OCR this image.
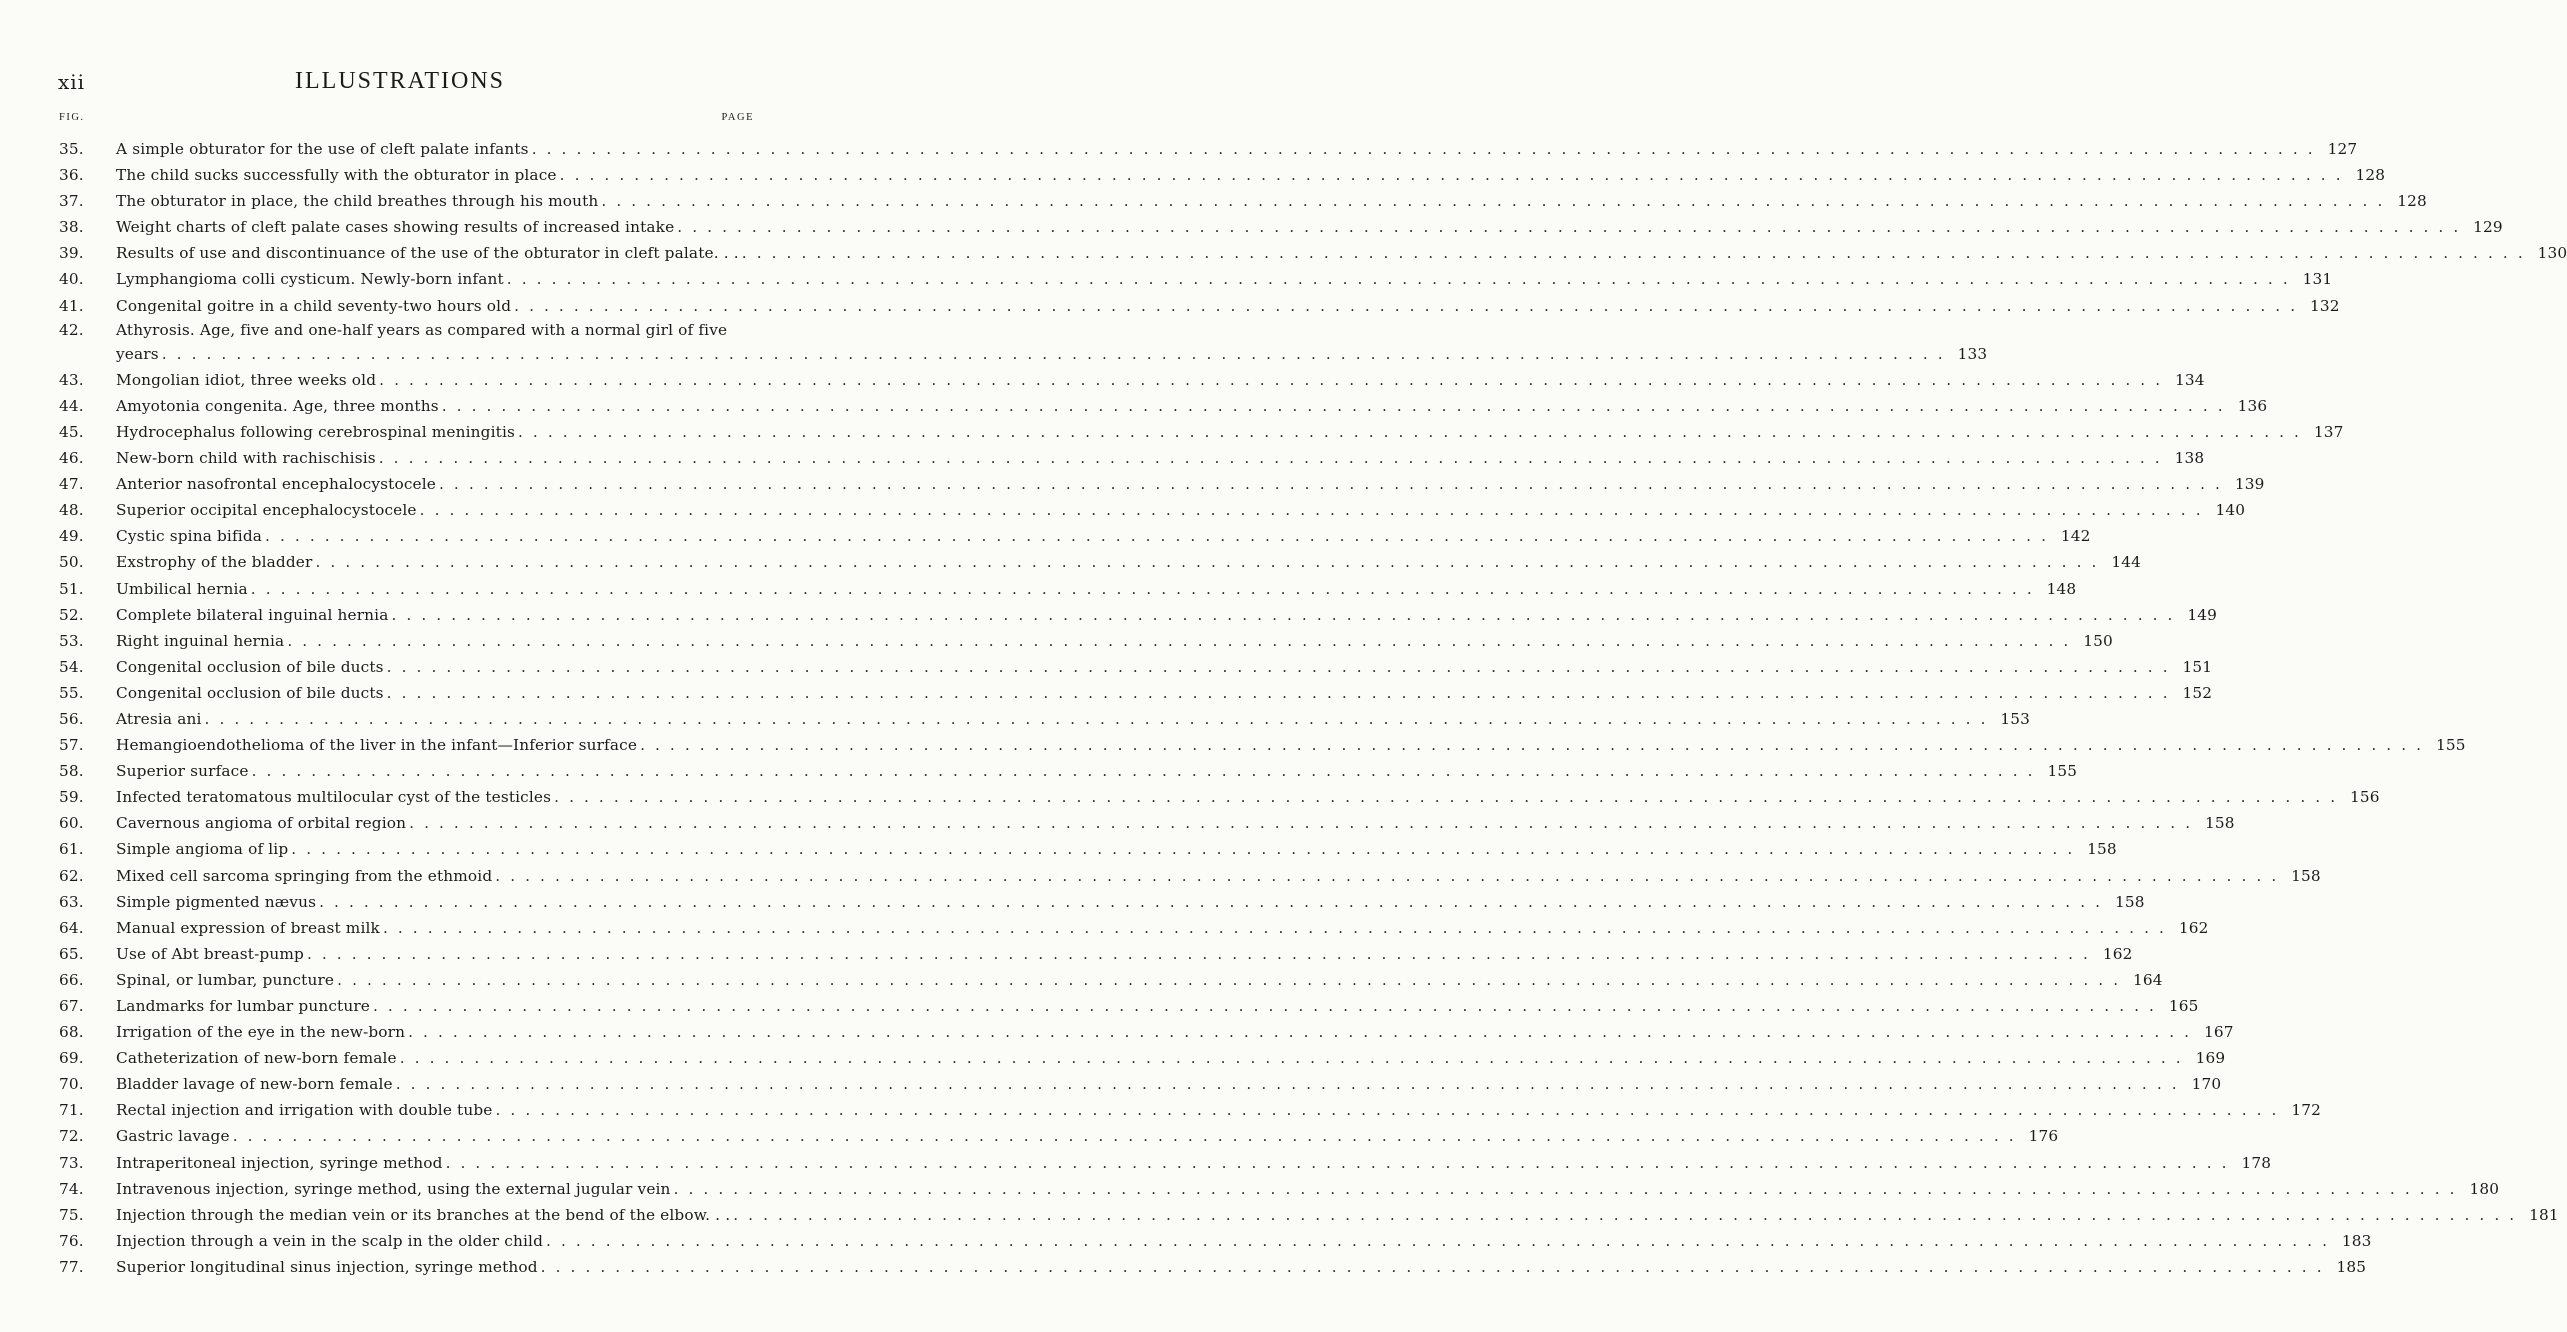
xii	ILLUSTRATIONS
FIG.	PAGE
35.	A simple obturator for the use of cleft palate infants . . . . . . . . . . . . . . . . . . . . . . . . . . . . . . . . . . . . . . . . . . . . . . . . . . . . . . . . . . . . . . . . . . . . . . . . . . . . . . . . . . . . . . . . . . . . . . . . . . . . . . . . . . . . . . . . . . . . . . . . 127
36.	The child sucks successfully with the obturator in place . . . . . . . . . . . . . . . . . . . . . . . . . . . . . . . . . . . . . . . . . . . . . . . . . . . . . . . . . . . . . . . . . . . . . . . . . . . . . . . . . . . . . . . . . . . . . . . . . . . . . . . . . . . . . . . . . . . . . . . . 128
37.	The obturator in place, the child breathes through his mouth . . . . . . . . . . . . . . . . . . . . . . . . . . . . . . . . . . . . . . . . . . . . . . . . . . . . . . . . . . . . . . . . . . . . . . . . . . . . . . . . . . . . . . . . . . . . . . . . . . . . . . . . . . . . . . . . . . . . . . . . 128
38.	Weight charts of cleft palate cases showing results of increased intake . . . . . . . . . . . . . . . . . . . . . . . . . . . . . . . . . . . . . . . . . . . . . . . . . . . . . . . . . . . . . . . . . . . . . . . . . . . . . . . . . . . . . . . . . . . . . . . . . . . . . . . . . . . . . . . . . . . . . . . . 129
39.	Results of use and discontinuance of the use of the obturator in cleft palate. . . . . . . . . . . . . . . . . . . . . . . . . . . . . . . . . . . . . . . . . . . . . . . . . . . . . . . . . . . . . . . . . . . . . . . . . . . . . . . . . . . . . . . . . . . . . . . . . . . . . . . . . . . . . . . . . . . . . . . . . . . 130
40.	Lymphangioma colli cysticum. Newly-born infant . . . . . . . . . . . . . . . . . . . . . . . . . . . . . . . . . . . . . . . . . . . . . . . . . . . . . . . . . . . . . . . . . . . . . . . . . . . . . . . . . . . . . . . . . . . . . . . . . . . . . . . . . . . . . . . . . . . . . . . . 131
41.	Congenital goitre in a child seventy-two hours old . . . . . . . . . . . . . . . . . . . . . . . . . . . . . . . . . . . . . . . . . . . . . . . . . . . . . . . . . . . . . . . . . . . . . . . . . . . . . . . . . . . . . . . . . . . . . . . . . . . . . . . . . . . . . . . . . . . . . . . . 132
42.	Athyrosis. Age, five and one-half years as compared with a normal girl of five
years . . . . . . . . . . . . . . . . . . . . . . . . . . . . . . . . . . . . . . . . . . . . . . . . . . . . . . . . . . . . . . . . . . . . . . . . . . . . . . . . . . . . . . . . . . . . . . . . . . . . . . . . . . . . . . . . . . . . . . . . 133
43.	Mongolian idiot, three weeks old . . . . . . . . . . . . . . . . . . . . . . . . . . . . . . . . . . . . . . . . . . . . . . . . . . . . . . . . . . . . . . . . . . . . . . . . . . . . . . . . . . . . . . . . . . . . . . . . . . . . . . . . . . . . . . . . . . . . . . . . 134
44.	Amyotonia congenita. Age, three months . . . . . . . . . . . . . . . . . . . . . . . . . . . . . . . . . . . . . . . . . . . . . . . . . . . . . . . . . . . . . . . . . . . . . . . . . . . . . . . . . . . . . . . . . . . . . . . . . . . . . . . . . . . . . . . . . . . . . . . . 136
45.	Hydrocephalus following cerebrospinal meningitis . . . . . . . . . . . . . . . . . . . . . . . . . . . . . . . . . . . . . . . . . . . . . . . . . . . . . . . . . . . . . . . . . . . . . . . . . . . . . . . . . . . . . . . . . . . . . . . . . . . . . . . . . . . . . . . . . . . . . . . . 137
46.	New-born child with rachischisis . . . . . . . . . . . . . . . . . . . . . . . . . . . . . . . . . . . . . . . . . . . . . . . . . . . . . . . . . . . . . . . . . . . . . . . . . . . . . . . . . . . . . . . . . . . . . . . . . . . . . . . . . . . . . . . . . . . . . . . . 138
47.	Anterior nasofrontal encephalocystocele . . . . . . . . . . . . . . . . . . . . . . . . . . . . . . . . . . . . . . . . . . . . . . . . . . . . . . . . . . . . . . . . . . . . . . . . . . . . . . . . . . . . . . . . . . . . . . . . . . . . . . . . . . . . . . . . . . . . . . . . 139
48.	Superior occipital encephalocystocele . . . . . . . . . . . . . . . . . . . . . . . . . . . . . . . . . . . . . . . . . . . . . . . . . . . . . . . . . . . . . . . . . . . . . . . . . . . . . . . . . . . . . . . . . . . . . . . . . . . . . . . . . . . . . . . . . . . . . . . . 140
49.	Cystic spina bifida . . . . . . . . . . . . . . . . . . . . . . . . . . . . . . . . . . . . . . . . . . . . . . . . . . . . . . . . . . . . . . . . . . . . . . . . . . . . . . . . . . . . . . . . . . . . . . . . . . . . . . . . . . . . . . . . . . . . . . . . 142
50.	Exstrophy of the bladder . . . . . . . . . . . . . . . . . . . . . . . . . . . . . . . . . . . . . . . . . . . . . . . . . . . . . . . . . . . . . . . . . . . . . . . . . . . . . . . . . . . . . . . . . . . . . . . . . . . . . . . . . . . . . . . . . . . . . . . . 144
51.	Umbilical hernia . . . . . . . . . . . . . . . . . . . . . . . . . . . . . . . . . . . . . . . . . . . . . . . . . . . . . . . . . . . . . . . . . . . . . . . . . . . . . . . . . . . . . . . . . . . . . . . . . . . . . . . . . . . . . . . . . . . . . . . . 148
52.	Complete bilateral inguinal hernia . . . . . . . . . . . . . . . . . . . . . . . . . . . . . . . . . . . . . . . . . . . . . . . . . . . . . . . . . . . . . . . . . . . . . . . . . . . . . . . . . . . . . . . . . . . . . . . . . . . . . . . . . . . . . . . . . . . . . . . . 149
53.	Right inguinal hernia . . . . . . . . . . . . . . . . . . . . . . . . . . . . . . . . . . . . . . . . . . . . . . . . . . . . . . . . . . . . . . . . . . . . . . . . . . . . . . . . . . . . . . . . . . . . . . . . . . . . . . . . . . . . . . . . . . . . . . . . 150
54.	Congenital occlusion of bile ducts . . . . . . . . . . . . . . . . . . . . . . . . . . . . . . . . . . . . . . . . . . . . . . . . . . . . . . . . . . . . . . . . . . . . . . . . . . . . . . . . . . . . . . . . . . . . . . . . . . . . . . . . . . . . . . . . . . . . . . . . 151
55.	Congenital occlusion of bile ducts . . . . . . . . . . . . . . . . . . . . . . . . . . . . . . . . . . . . . . . . . . . . . . . . . . . . . . . . . . . . . . . . . . . . . . . . . . . . . . . . . . . . . . . . . . . . . . . . . . . . . . . . . . . . . . . . . . . . . . . . 152
56.	Atresia ani . . . . . . . . . . . . . . . . . . . . . . . . . . . . . . . . . . . . . . . . . . . . . . . . . . . . . . . . . . . . . . . . . . . . . . . . . . . . . . . . . . . . . . . . . . . . . . . . . . . . . . . . . . . . . . . . . . . . . . . . 153
57.	Hemangioendothelioma of the liver in the infant—Inferior surface . . . . . . . . . . . . . . . . . . . . . . . . . . . . . . . . . . . . . . . . . . . . . . . . . . . . . . . . . . . . . . . . . . . . . . . . . . . . . . . . . . . . . . . . . . . . . . . . . . . . . . . . . . . . . . . . . . . . . . . . 155
58.	Superior surface . . . . . . . . . . . . . . . . . . . . . . . . . . . . . . . . . . . . . . . . . . . . . . . . . . . . . . . . . . . . . . . . . . . . . . . . . . . . . . . . . . . . . . . . . . . . . . . . . . . . . . . . . . . . . . . . . . . . . . . . 155
59.	Infected teratomatous multilocular cyst of the testicles . . . . . . . . . . . . . . . . . . . . . . . . . . . . . . . . . . . . . . . . . . . . . . . . . . . . . . . . . . . . . . . . . . . . . . . . . . . . . . . . . . . . . . . . . . . . . . . . . . . . . . . . . . . . . . . . . . . . . . . . 156
60.	Cavernous angioma of orbital region . . . . . . . . . . . . . . . . . . . . . . . . . . . . . . . . . . . . . . . . . . . . . . . . . . . . . . . . . . . . . . . . . . . . . . . . . . . . . . . . . . . . . . . . . . . . . . . . . . . . . . . . . . . . . . . . . . . . . . . . 158
61.	Simple angioma of lip . . . . . . . . . . . . . . . . . . . . . . . . . . . . . . . . . . . . . . . . . . . . . . . . . . . . . . . . . . . . . . . . . . . . . . . . . . . . . . . . . . . . . . . . . . . . . . . . . . . . . . . . . . . . . . . . . . . . . . . . 158
62.	Mixed cell sarcoma springing from the ethmoid . . . . . . . . . . . . . . . . . . . . . . . . . . . . . . . . . . . . . . . . . . . . . . . . . . . . . . . . . . . . . . . . . . . . . . . . . . . . . . . . . . . . . . . . . . . . . . . . . . . . . . . . . . . . . . . . . . . . . . . . 158
63.	Simple pigmented nævus . . . . . . . . . . . . . . . . . . . . . . . . . . . . . . . . . . . . . . . . . . . . . . . . . . . . . . . . . . . . . . . . . . . . . . . . . . . . . . . . . . . . . . . . . . . . . . . . . . . . . . . . . . . . . . . . . . . . . . . . 158
64.	Manual expression of breast milk . . . . . . . . . . . . . . . . . . . . . . . . . . . . . . . . . . . . . . . . . . . . . . . . . . . . . . . . . . . . . . . . . . . . . . . . . . . . . . . . . . . . . . . . . . . . . . . . . . . . . . . . . . . . . . . . . . . . . . . . 162
65.	Use of Abt breast-pump . . . . . . . . . . . . . . . . . . . . . . . . . . . . . . . . . . . . . . . . . . . . . . . . . . . . . . . . . . . . . . . . . . . . . . . . . . . . . . . . . . . . . . . . . . . . . . . . . . . . . . . . . . . . . . . . . . . . . . . . 162
66.	Spinal, or lumbar, puncture . . . . . . . . . . . . . . . . . . . . . . . . . . . . . . . . . . . . . . . . . . . . . . . . . . . . . . . . . . . . . . . . . . . . . . . . . . . . . . . . . . . . . . . . . . . . . . . . . . . . . . . . . . . . . . . . . . . . . . . . 164
67.	Landmarks for lumbar puncture . . . . . . . . . . . . . . . . . . . . . . . . . . . . . . . . . . . . . . . . . . . . . . . . . . . . . . . . . . . . . . . . . . . . . . . . . . . . . . . . . . . . . . . . . . . . . . . . . . . . . . . . . . . . . . . . . . . . . . . . 165
68.	Irrigation of the eye in the new-born . . . . . . . . . . . . . . . . . . . . . . . . . . . . . . . . . . . . . . . . . . . . . . . . . . . . . . . . . . . . . . . . . . . . . . . . . . . . . . . . . . . . . . . . . . . . . . . . . . . . . . . . . . . . . . . . . . . . . . . . 167
69.	Catheterization of new-born female . . . . . . . . . . . . . . . . . . . . . . . . . . . . . . . . . . . . . . . . . . . . . . . . . . . . . . . . . . . . . . . . . . . . . . . . . . . . . . . . . . . . . . . . . . . . . . . . . . . . . . . . . . . . . . . . . . . . . . . . 169
70.	Bladder lavage of new-born female . . . . . . . . . . . . . . . . . . . . . . . . . . . . . . . . . . . . . . . . . . . . . . . . . . . . . . . . . . . . . . . . . . . . . . . . . . . . . . . . . . . . . . . . . . . . . . . . . . . . . . . . . . . . . . . . . . . . . . . . 170
71.	Rectal injection and irrigation with double tube . . . . . . . . . . . . . . . . . . . . . . . . . . . . . . . . . . . . . . . . . . . . . . . . . . . . . . . . . . . . . . . . . . . . . . . . . . . . . . . . . . . . . . . . . . . . . . . . . . . . . . . . . . . . . . . . . . . . . . . . 172
72.	Gastric lavage . . . . . . . . . . . . . . . . . . . . . . . . . . . . . . . . . . . . . . . . . . . . . . . . . . . . . . . . . . . . . . . . . . . . . . . . . . . . . . . . . . . . . . . . . . . . . . . . . . . . . . . . . . . . . . . . . . . . . . . . 176
73.	Intraperitoneal injection, syringe method . . . . . . . . . . . . . . . . . . . . . . . . . . . . . . . . . . . . . . . . . . . . . . . . . . . . . . . . . . . . . . . . . . . . . . . . . . . . . . . . . . . . . . . . . . . . . . . . . . . . . . . . . . . . . . . . . . . . . . . . 178
74.	Intravenous injection, syringe method, using the external jugular vein . . . . . . . . . . . . . . . . . . . . . . . . . . . . . . . . . . . . . . . . . . . . . . . . . . . . . . . . . . . . . . . . . . . . . . . . . . . . . . . . . . . . . . . . . . . . . . . . . . . . . . . . . . . . . . . . . . . . . . . . 180
75.	Injection through the median vein or its branches at the bend of the elbow. . . . . . . . . . . . . . . . . . . . . . . . . . . . . . . . . . . . . . . . . . . . . . . . . . . . . . . . . . . . . . . . . . . . . . . . . . . . . . . . . . . . . . . . . . . . . . . . . . . . . . . . . . . . . . . . . . . . . . . . . . . 181
76.	Injection through a vein in the scalp in the older child . . . . . . . . . . . . . . . . . . . . . . . . . . . . . . . . . . . . . . . . . . . . . . . . . . . . . . . . . . . . . . . . . . . . . . . . . . . . . . . . . . . . . . . . . . . . . . . . . . . . . . . . . . . . . . . . . . . . . . . . 183
77.	Superior longitudinal sinus injection, syringe method . . . . . . . . . . . . . . . . . . . . . . . . . . . . . . . . . . . . . . . . . . . . . . . . . . . . . . . . . . . . . . . . . . . . . . . . . . . . . . . . . . . . . . . . . . . . . . . . . . . . . . . . . . . . . . . . . . . . . . . . 185
